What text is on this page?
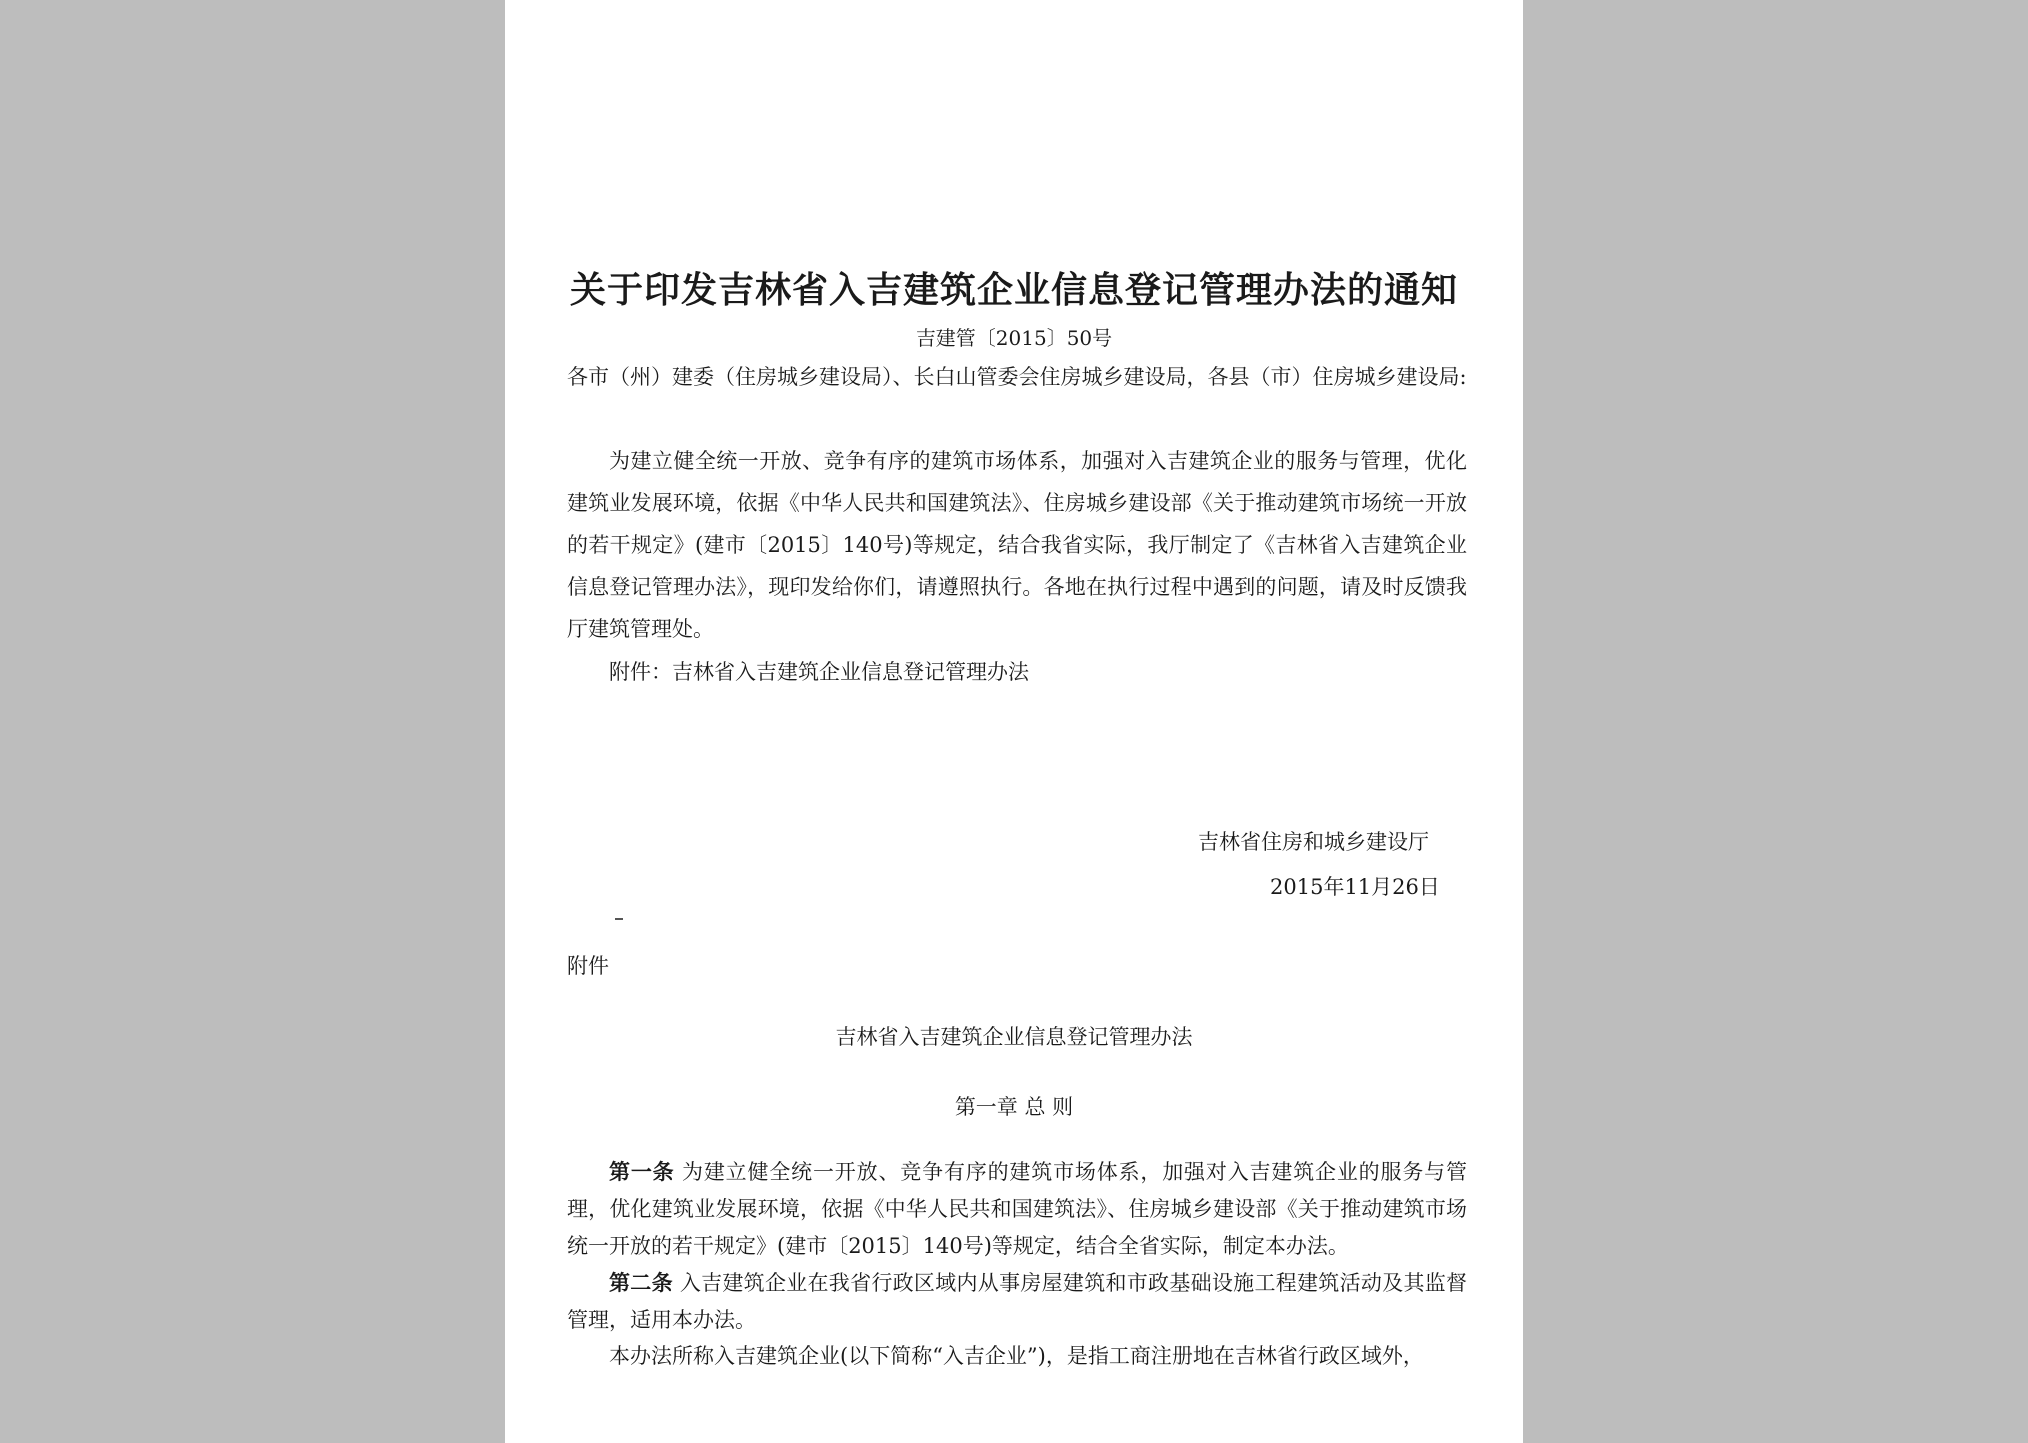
关于印发吉林省入吉建筑企业信息登记管理办法的通知
吉建管〔2015〕50号
各市（州）建委（住房城乡建设局）、长白山管委会住房城乡建设局，各县（市）住房城乡建设局:
为建立健全统一开放、竞争有序的建筑市场体系，加强对入吉建筑企业的服务与管理，优化建筑业发展环境，依据《中华人民共和国建筑法》、住房城乡建设部《关于推动建筑市场统一开放的若干规定》(建市〔2015〕140号)等规定，结合我省实际，我厅制定了《吉林省入吉建筑企业信息登记管理办法》，现印发给你们，请遵照执行。各地在执行过程中遇到的问题，请及时反馈我厅建筑管理处。
附件：吉林省入吉建筑企业信息登记管理办法
吉林省住房和城乡建设厅
2015年11月26日
附件
吉林省入吉建筑企业信息登记管理办法
第一章 总 则
第一条 为建立健全统一开放、竞争有序的建筑市场体系，加强对入吉建筑企业的服务与管理，优化建筑业发展环境，依据《中华人民共和国建筑法》、住房城乡建设部《关于推动建筑市场统一开放的若干规定》(建市〔2015〕140号)等规定，结合全省实际，制定本办法。
第二条 入吉建筑企业在我省行政区域内从事房屋建筑和市政基础设施工程建筑活动及其监督管理，适用本办法。
本办法所称入吉建筑企业(以下简称“入吉企业”)，是指工商注册地在吉林省行政区域外，
